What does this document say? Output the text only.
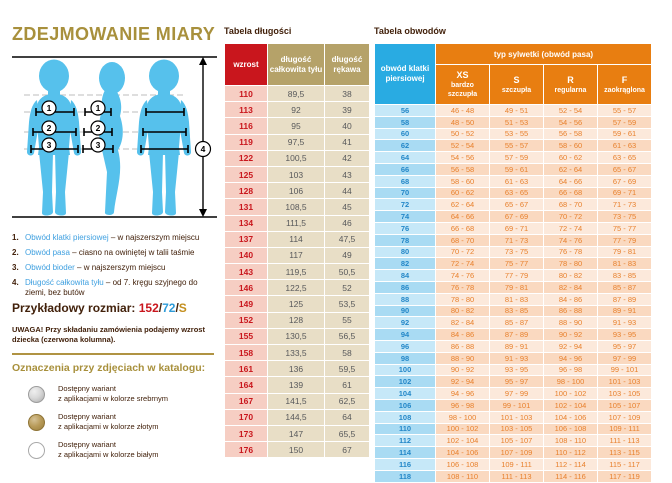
ZDEJMOWANIE MIARY
1
2
3
1
2
3	4
1. Obwód klatki piersiowej – w najszerszym miejscu
2. Obwód pasa – ciasno na owiniętej w talii taśmie
3. Obwód bioder – w najszerszym miejscu
4. Długość całkowita tyłu – od 7. kręgu szyjnego do ziemi, bez butów
Przykładowy rozmiar: 152/72/S
UWAGA! Przy składaniu zamówienia podajemy wzrost dziecka (czerwona kolumna).
Oznaczenia przy zdjęciach w katalogu:
Dostępny wariant
z aplikacjami w kolorze srebrnym
Dostępny wariant
z aplikacjami w kolorze złotym
Dostępny wariant
z aplikacjami w kolorze białym
Tabela długości
wzrost	długość całkowita tyłu	długość rękawa
110	89,5	38
113	92	39
116	95	40
119	97,5	41
122	100,5	42
125	103	43
128	106	44
131	108,5	45
134	111,5	46
137	114	47,5
140	117	49
143	119,5	50,5
146	122,5	52
149	125	53,5
152	128	55
155	130,5	56,5
158	133,5	58
161	136	59,5
164	139	61
167	141,5	62,5
170	144,5	64
173	147	65,5
176	150	67
Tabela obwodów
obwód klatki piersiowej	typ sylwetki (obwód pasa)			

XS
bardzo szczupła

S
szczupła

R
regularna

F
zaokrąglona

56	46 - 48	49 - 51	52 - 54	55 - 57
58	48 - 50	51 - 53	54 - 56	57 - 59
60	50 - 52	53 - 55	56 - 58	59 - 61
62	52 - 54	55 - 57	58 - 60	61 - 63
64	54 - 56	57 - 59	60 - 62	63 - 65
66	56 - 58	59 - 61	62 - 64	65 - 67
68	58 - 60	61 - 63	64 - 66	67 - 69
70	60 - 62	63 - 65	66 - 68	69 - 71
72	62 - 64	65 - 67	68 - 70	71 - 73
74	64 - 66	67 - 69	70 - 72	73 - 75
76	66 - 68	69 - 71	72 - 74	75 - 77
78	68 - 70	71 - 73	74 - 76	77 - 79
80	70 - 72	73 - 75	76 - 78	79 - 81
82	72 - 74	75 - 77	78 - 80	81 - 83
84	74 - 76	77 - 79	80 - 82	83 - 85
86	76 - 78	79 - 81	82 - 84	85 - 87
88	78 - 80	81 - 83	84 - 86	87 - 89
90	80 - 82	83 - 85	86 - 88	89 - 91
92	82 - 84	85 - 87	88 - 90	91 - 93
94	84 - 86	87 - 89	90 - 92	93 - 95
96	86 - 88	89 - 91	92 - 94	95 - 97
98	88 - 90	91 - 93	94 - 96	97 - 99
100	90 - 92	93 - 95	96 - 98	99 - 101
102	92 - 94	95 - 97	98 - 100	101 - 103
104	94 - 96	97 - 99	100 - 102	103 - 105
106	96 - 98	99 - 101	102 - 104	105 - 107
108	98 - 100	101 - 103	104 - 106	107 - 109
110	100 - 102	103 - 105	106 - 108	109 - 111
112	102 - 104	105 - 107	108 - 110	111 - 113
114	104 - 106	107 - 109	110 - 112	113 - 115
116	106 - 108	109 - 111	112 - 114	115 - 117
118	108 - 110	111 - 113	114 - 116	117 - 119
